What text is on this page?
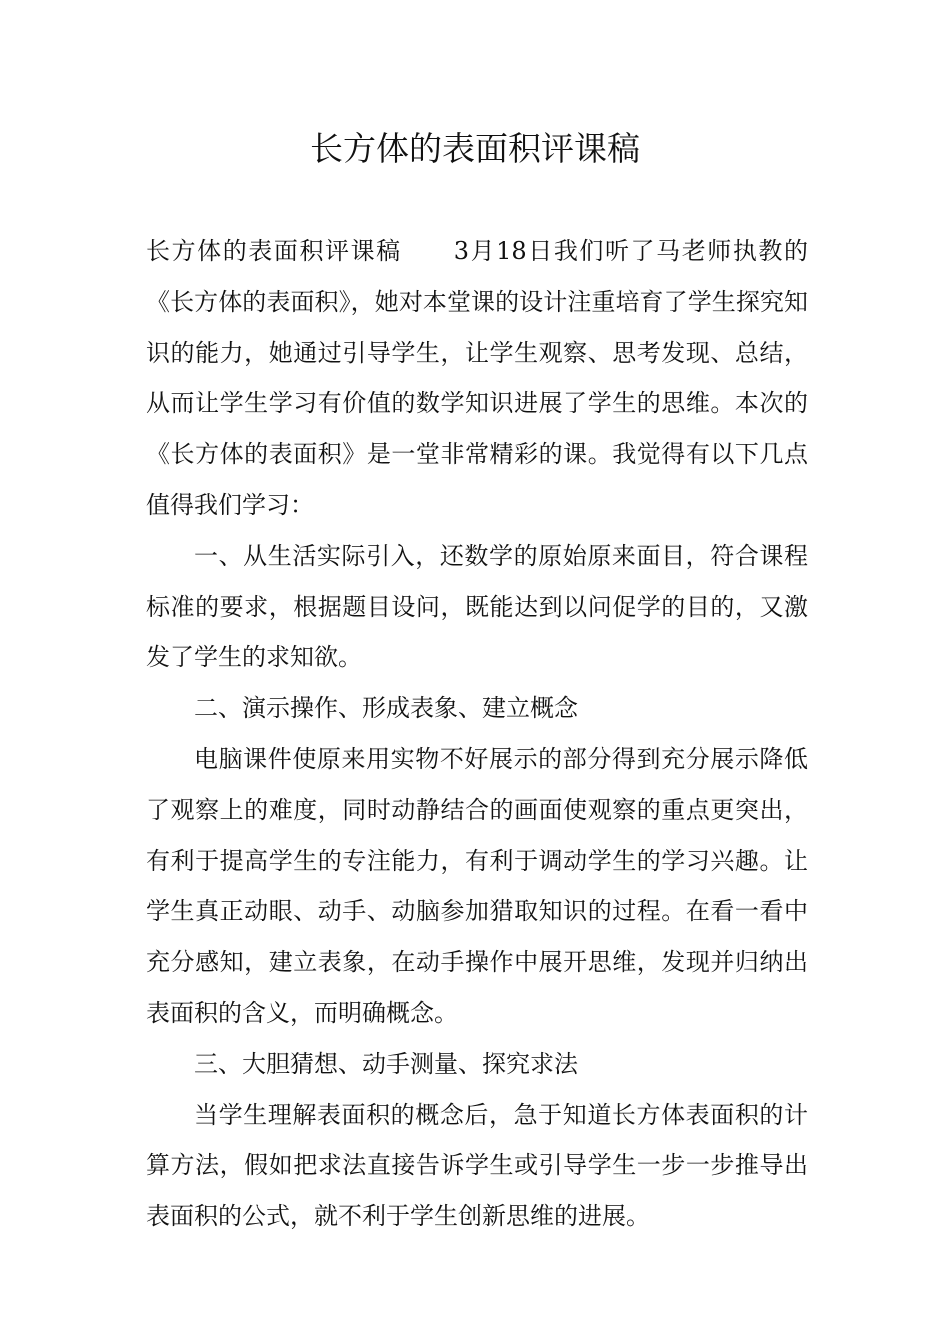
长方体的表面积评课稿

长方体的表面积评课稿 3月18日我们听了马老师执教的《长方体的表面积》，她对本堂课的设计注重培育了学生探究知识的能力，她通过引导学生，让学生观察、思考发现、总结，从而让学生学习有价值的数学知识进展了学生的思维。本次的《长方体的表面积》是一堂非常精彩的课。我觉得有以下几点值得我们学习：

一、从生活实际引入，还数学的原始原来面目，符合课程标准的要求，根据题目设问，既能达到以问促学的目的，又激发了学生的求知欲。

二、演示操作、形成表象、建立概念

电脑课件使原来用实物不好展示的部分得到充分展示降低了观察上的难度，同时动静结合的画面使观察的重点更突出，有利于提高学生的专注能力，有利于调动学生的学习兴趣。让学生真正动眼、动手、动脑参加猎取知识的过程。在看一看中充分感知，建立表象，在动手操作中展开思维，发现并归纳出表面积的含义，而明确概念。

三、大胆猜想、动手测量、探究求法

当学生理解表面积的概念后，急于知道长方体表面积的计算方法，假如把求法直接告诉学生或引导学生一步一步推导出表面积的公式，就不利于学生创新思维的进展。
